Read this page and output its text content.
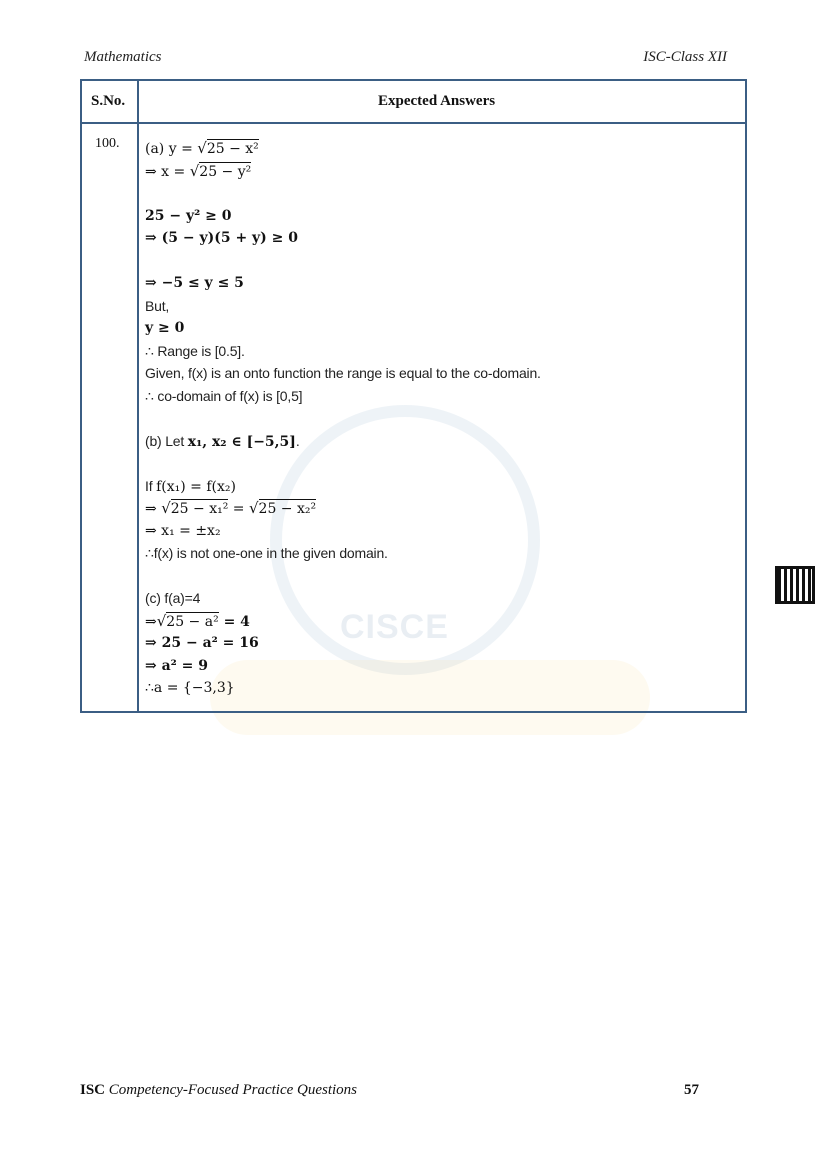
Mathematics	ISC-Class XII
CISCE
S.No.	Expected Answers
100. (a) y = √25 − x²
⇒ x = √25 − y²
25 − y² ≥ 0
⇒ (5 − y)(5 + y) ≥ 0
⇒ −5 ≤ y ≤ 5
But,
y ≥ 0
∴ Range is [0.5].
Given, f(x) is an onto function the range is equal to the co-domain.
∴ co-domain of f(x) is [0,5]
(b) Let x₁, x₂ ∈ [−5,5].
If f(x₁) = f(x₂)
⇒ √25 − x₁² = √25 − x₂²
⇒ x₁ = ±x₂
∴f(x) is not one-one in the given domain.
(c) f(a)=4
⇒√25 − a² = 4
⇒ 25 − a² = 16
⇒ a² = 9
∴a = {−3,3}
ISC Competency-Focused Practice Questions	57
